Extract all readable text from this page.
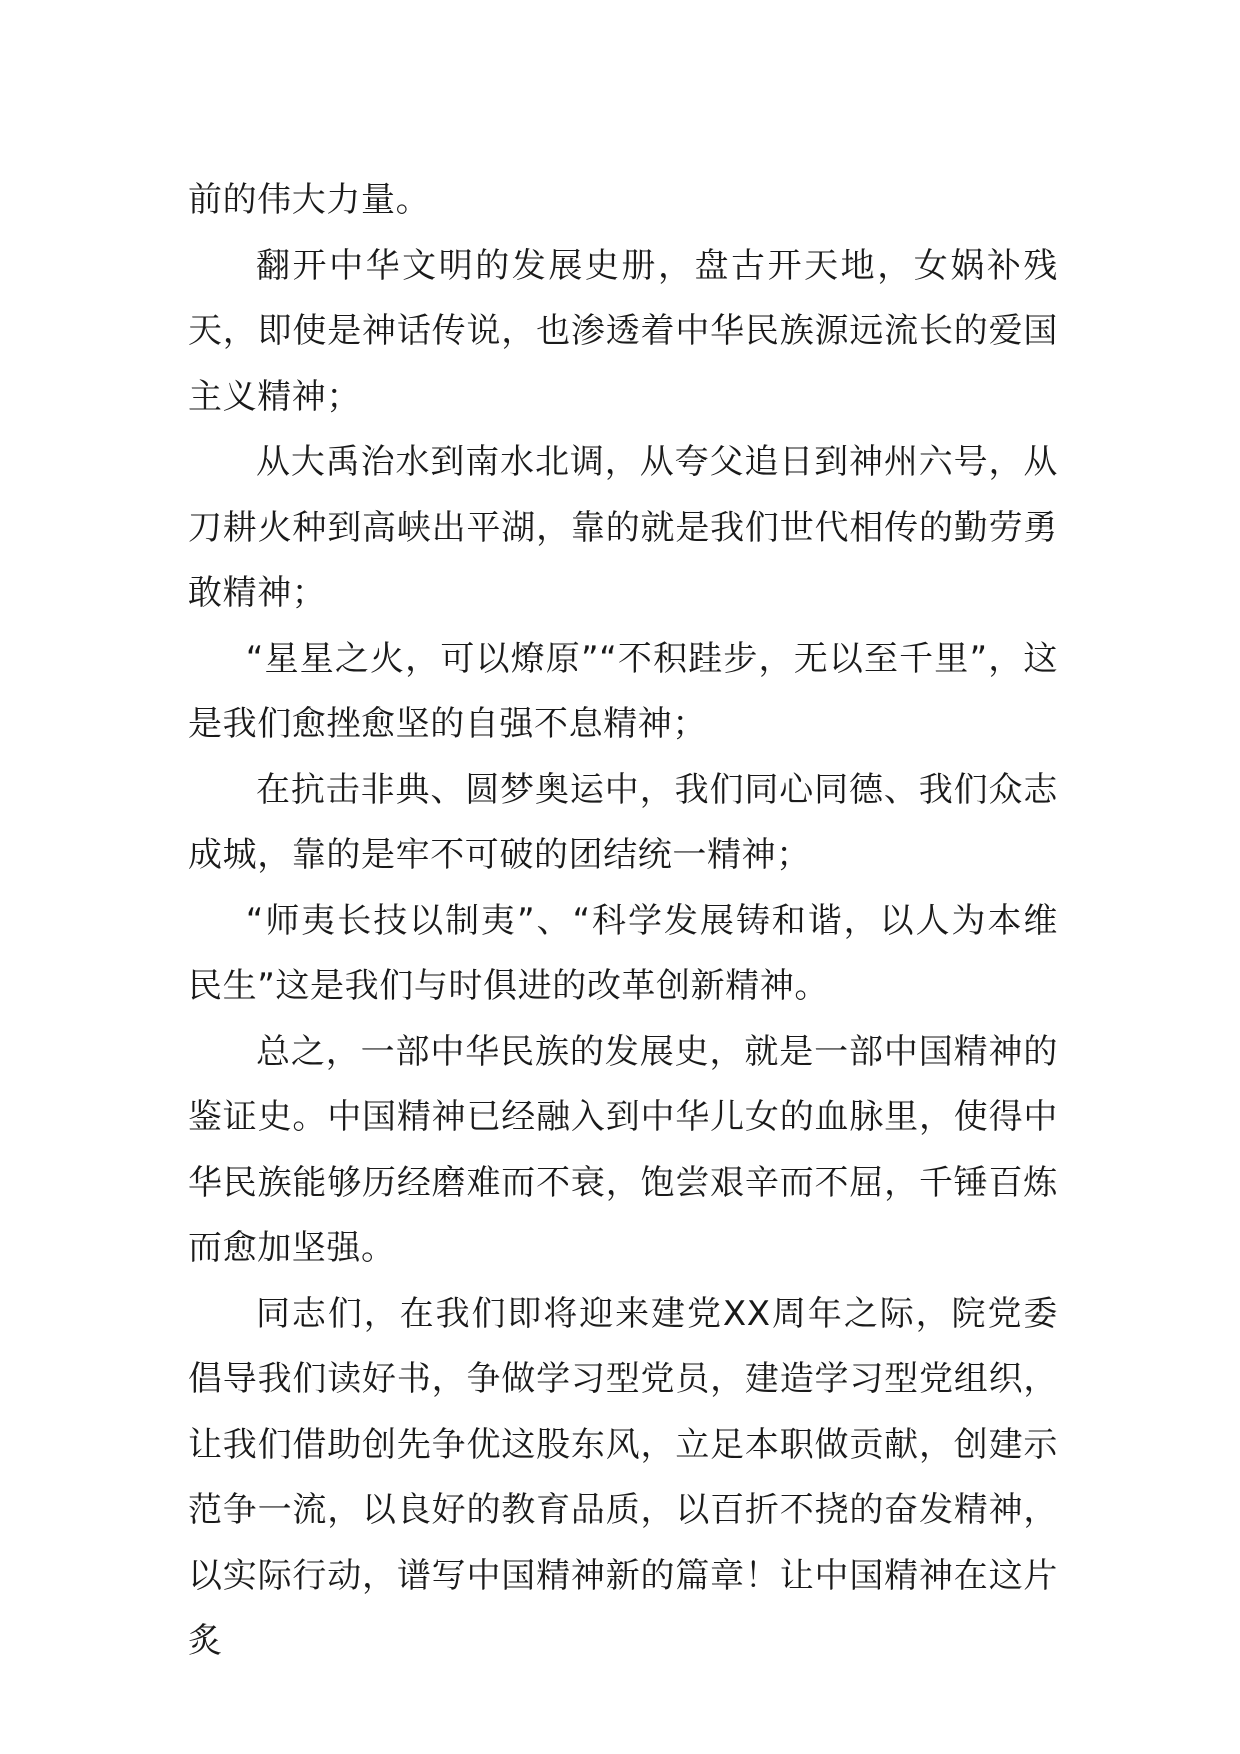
前的伟大力量。

翻开中华文明的发展史册，盘古开天地，女娲补残天，即使是神话传说，也渗透着中华民族源远流长的爱国主义精神；

从大禹治水到南水北调，从夸父追日到神州六号，从刀耕火种到高峡出平湖，靠的就是我们世代相传的勤劳勇敢精神；

“星星之火，可以燎原”“不积跬步，无以至千里”，这是我们愈挫愈坚的自强不息精神；

在抗击非典、圆梦奥运中，我们同心同德、我们众志成城，靠的是牢不可破的团结统一精神；

“师夷长技以制夷”、“科学发展铸和谐，以人为本维民生”这是我们与时俱进的改革创新精神。

总之，一部中华民族的发展史，就是一部中国精神的鉴证史。中国精神已经融入到中华儿女的血脉里，使得中华民族能够历经磨难而不衰，饱尝艰辛而不屈，千锤百炼而愈加坚强。

同志们，在我们即将迎来建党XX周年之际，院党委倡导我们读好书，争做学习型党员，建造学习型党组织，让我们借助创先争优这股东风，立足本职做贡献，创建示范争一流，以良好的教育品质，以百折不挠的奋发精神，以实际行动，谱写中国精神新的篇章！让中国精神在这片炙
